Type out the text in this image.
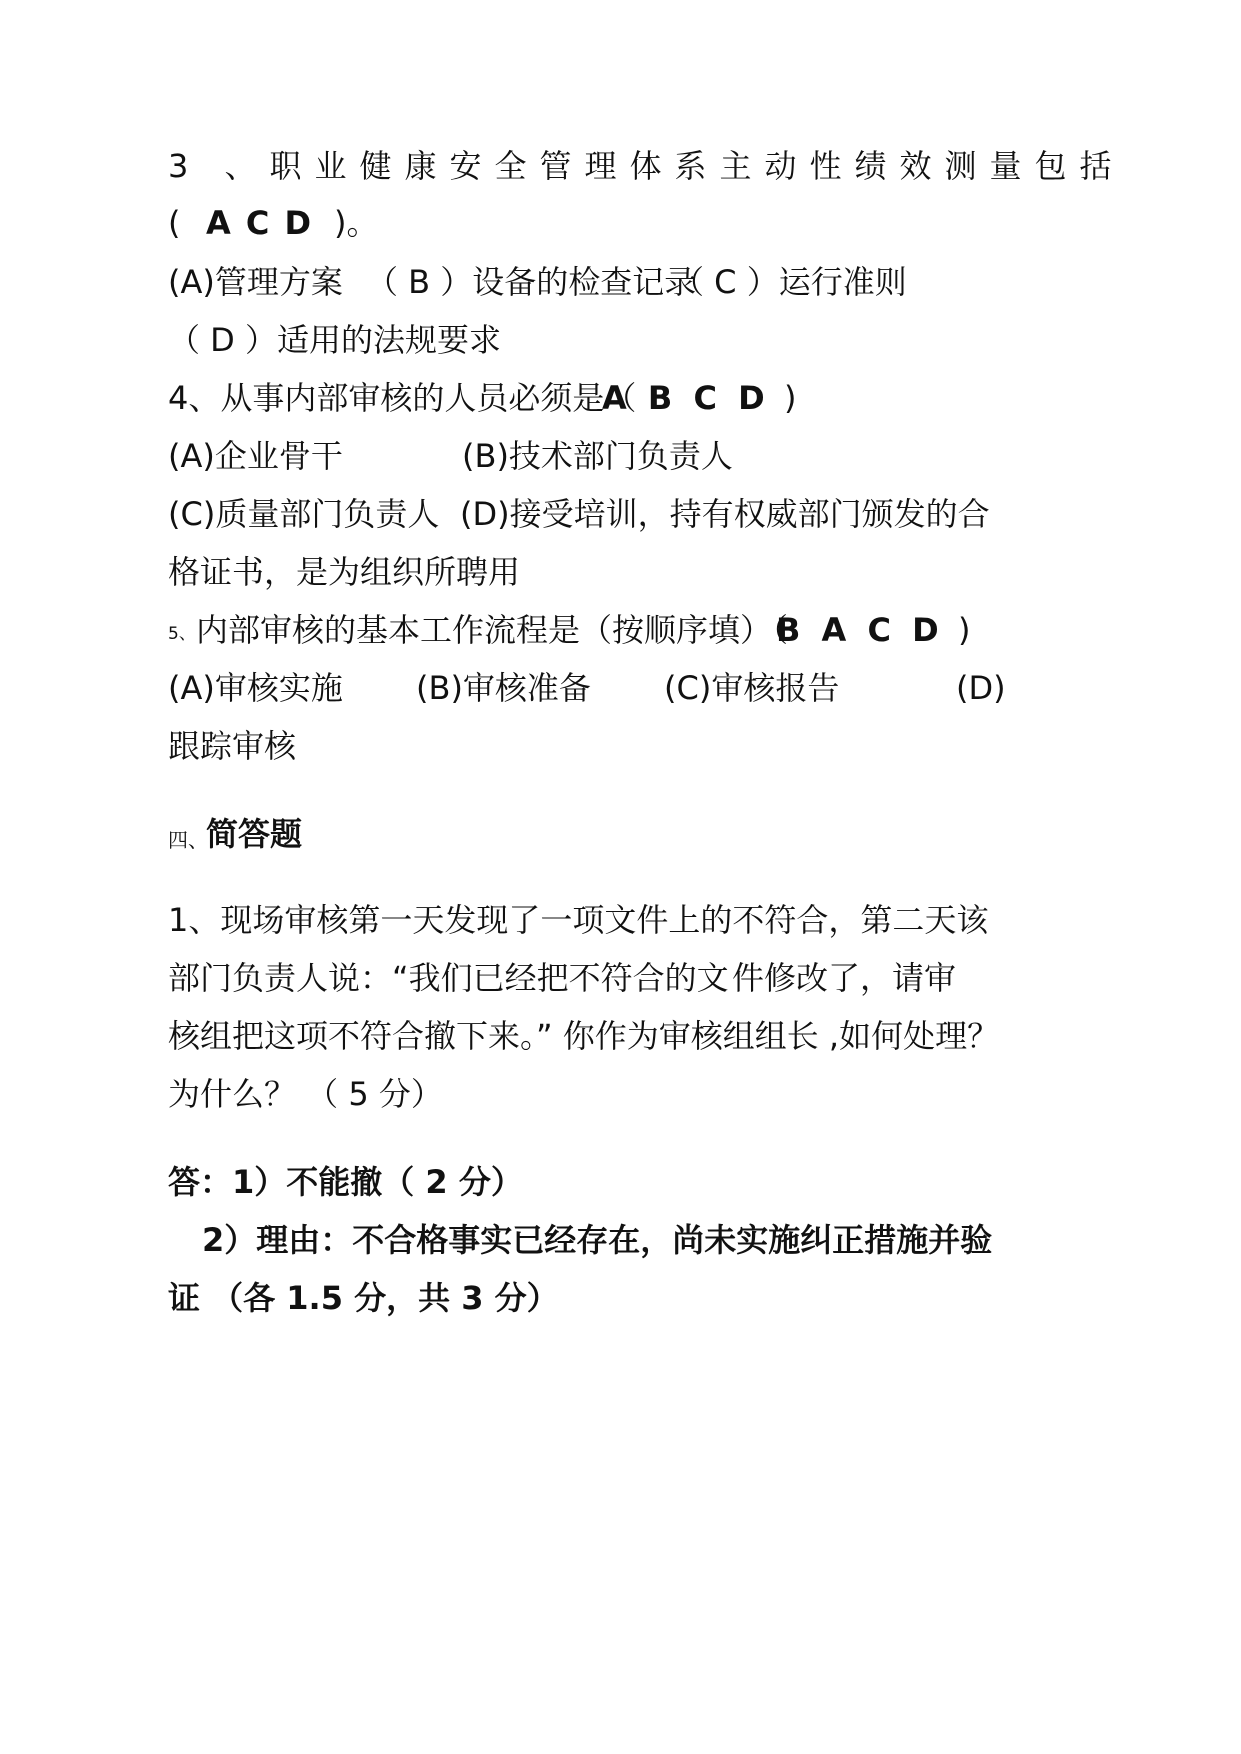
3 、职业健康安全管理体系主动性绩效测量包括
( A C D )。
(A)管理方案 （ B ）设备的检查记录
（ C ）运行准则
（ D ）适用的法规要求
4、从事内部审核的人员必须是（
A B C D )
(A)企业骨干	(B)技术部门负责人
(C)质量部门负责人 (D)接受培训，持有权威部门颁发的合
格证书，是为组织所聘用
5、 内部审核的基本工作流程是（按顺序填）（
B A C D )
(A)审核实施 (B)审核准备 (C)审核报告	(D)
跟踪审核
四、
简答题
1、现场审核第一天发现了一项文件上的不符合，第二天该
部门负责人说：“我们已经把不符合的文 件修改了，请审
核组把这项不符合撤下来。” 你作为审核组组长 ,如何处理？
为什么？ （ 5 分）
答：1）不能撤（ 2 分）
2）理由：不合格事实已经存在，尚未实施纠正措施并验
证 （各 1.5 分，共 3 分）
